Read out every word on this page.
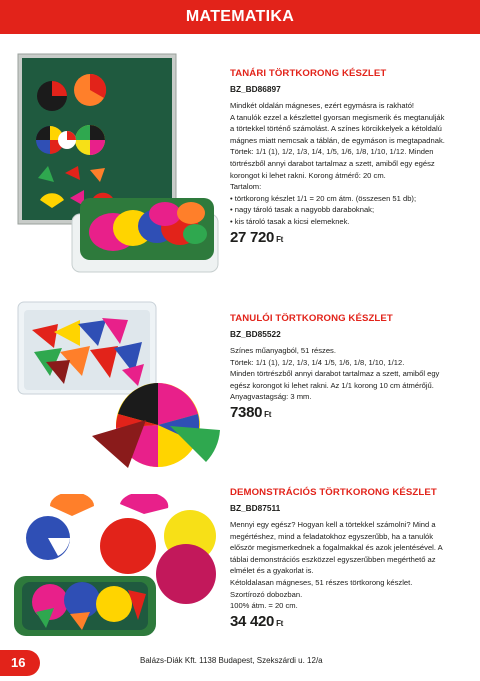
MATEMATIKA
TANÁRI TÖRTKORONG KÉSZLET
BZ_BD86897

Mindkét oldalán mágneses, ezért egymásra is rakható!

A tanulók ezzel a készlettel gyorsan megismerik és megtanulják

a törtekkel történő számolást. A színes körcikkelyek a kétoldalú

mágnes miatt nemcsak a táblán, de egymáson is megtapadnak.

Törtek: 1/1 (1), 1/2, 1/3, 1/4, 1/5, 1/6, 1/8, 1/10, 1/12. Minden

törtrészből annyi darabot tartalmaz a szett, amiből egy egész

korongot ki lehet rakni. Korong átmérő: 20 cm.

Tartalom:

• törtkorong készlet 1/1 = 20 cm átm. (összesen 51 db);

• nagy tároló tasak a nagyobb daraboknak;

• kis tároló tasak a kicsi elemeknek.

27 720 Ft
TANULÓI TÖRTKORONG KÉSZLET
BZ_BD85522

Színes műanyagból, 51 részes.

Törtek: 1/1 (1), 1/2, 1/3, 1/4 1/5, 1/6, 1/8, 1/10, 1/12.

Minden törtrészből annyi darabot tartalmaz a szett, amiből egy

egész korongot ki lehet rakni. Az 1/1 korong 10 cm átmérőjű.

Anyagvastagság: 3 mm.

7380 Ft
DEMONSTRÁCIÓS TÖRTKORONG KÉSZLET
BZ_BD87511

Mennyi egy egész? Hogyan kell a törtekkel számolni? Mind a

megértéshez, mind a feladatokhoz egyszerűbb, ha a tanulók

először megismerkednek a fogalmakkal és azok jelentésével. A

táblai demonstrációs eszközzel egyszerűbben megérthető az

elmélet és a gyakorlat is.

Kétoldalasan mágneses, 51 részes törtkorong készlet.

Szortírozó dobozban.

100% átm. = 20 cm.

34 420 Ft
16	Balázs-Diák Kft. 1138 Budapest, Szekszárdi u. 12/a
